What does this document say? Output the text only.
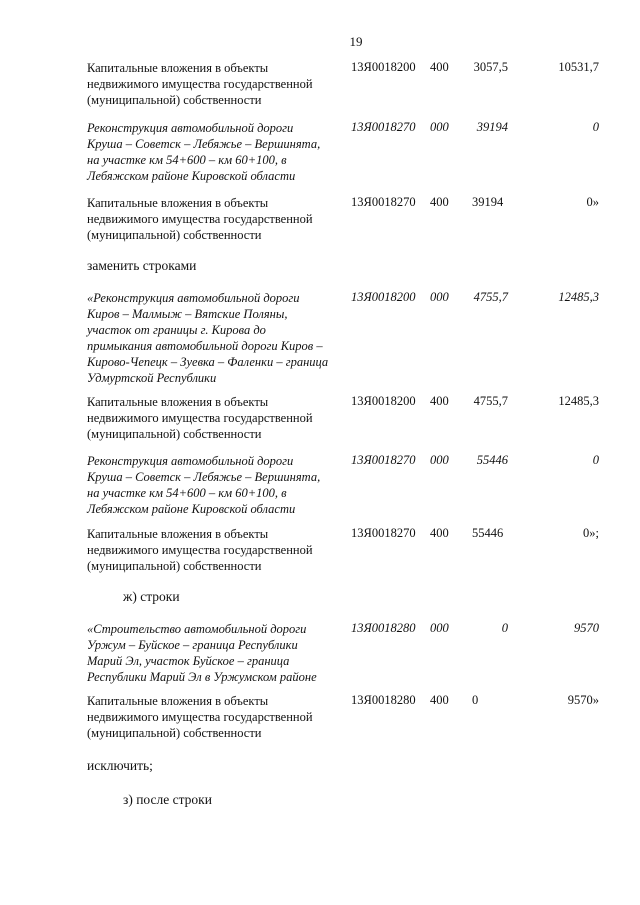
19
Капитальные вложения в объекты
недвижимого имущества государственной
(муниципальной) собственности
13Я0018200	400	3057,5	10531,7
Реконструкция автомобильной дороги
Круша – Советск – Лебяжье – Вершинята,
на участке км 54+600 – км 60+100, в
Лебяжском районе Кировской области
13Я0018270	000	39194	0
Капитальные вложения в объекты
недвижимого имущества государственной
(муниципальной) собственности
13Я0018270	400	39194	0»
заменить строками
«Реконструкция автомобильной дороги
Киров – Малмыж – Вятские Поляны,
участок от границы г. Кирова до
примыкания автомобильной дороги Киров –
Кирово-Чепецк – Зуевка – Фаленки – граница
Удмуртской Республики
13Я0018200	000	4755,7	12485,3
Капитальные вложения в объекты
недвижимого имущества государственной
(муниципальной) собственности
13Я0018200	400	4755,7	12485,3
Реконструкция автомобильной дороги
Круша – Советск – Лебяжье – Вершинята,
на участке км 54+600 – км 60+100, в
Лебяжском районе Кировской области
13Я0018270	000	55446	0
Капитальные вложения в объекты
недвижимого имущества государственной
(муниципальной) собственности
13Я0018270	400	55446	0»;
ж) строки
«Строительство автомобильной дороги
Уржум – Буйское – граница Республики
Марий Эл, участок Буйское – граница
Республики Марий Эл в Уржумском районе
13Я0018280	000	0	9570
Капитальные вложения в объекты
недвижимого имущества государственной
(муниципальной) собственности
13Я0018280	400	0	9570»
исключить;
з) после строки
